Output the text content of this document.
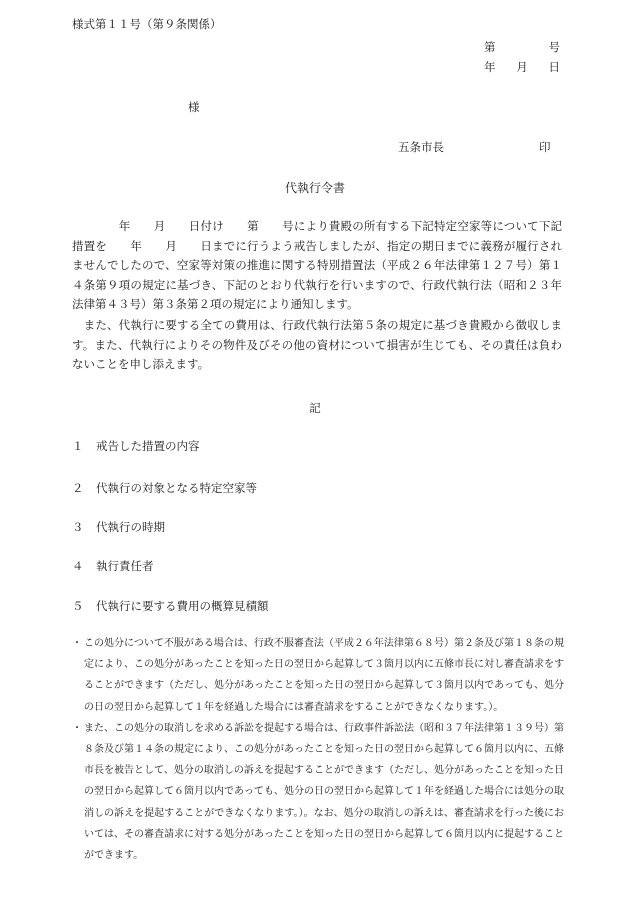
様式第１１号（第９条関係）
第	号
年 月 日
様
五条市長	印
代執行令書
　　　　年　　月　　日付け　　第　　号により貴殿の所有する下記特定空家等について下記措置を　　年　　月　　日までに行うよう戒告しましたが、指定の期日までに義務が履行されませんでしたので、空家等対策の推進に関する特別措置法（平成２６年法律第１２７号）第１４条第９項の規定に基づき、下記のとおり代執行を行いますので、行政代執行法（昭和２３年法律第４３号）第３条第２項の規定により通知します。
　また、代執行に要する全ての費用は、行政代執行法第５条の規定に基づき貴殿から徴収します。また、代執行によりその物件及びその他の資材について損害が生じても、その責任は負わないことを申し添えます。
記
１ 戒告した措置の内容
２ 代執行の対象となる特定空家等
３ 代執行の時期
４ 執行責任者
５ 代執行に要する費用の概算見積額
・ この処分について不服がある場合は、行政不服審査法（平成２６年法律第６８号）第２条及び第１８条の規定により、この処分があったことを知った日の翌日から起算して３箇月以内に五條市長に対し審査請求をすることができます（ただし、処分があったことを知った日の翌日から起算して３箇月以内であっても、処分の日の翌日から起算して１年を経過した場合には審査請求をすることができなくなります。）。
・ また、この処分の取消しを求める訴訟を提起する場合は、行政事件訴訟法（昭和３７年法律第１３９号）第８条及び第１４条の規定により、この処分があったことを知った日の翌日から起算して６箇月以内に、五條市長を被告として、処分の取消しの訴えを提起することができます（ただし、処分があったことを知った日の翌日から起算して６箇月以内であっても、処分の日の翌日から起算して１年を経過した場合には処分の取消しの訴えを提起することができなくなります。）。なお、処分の取消しの訴えは、審査請求を行った後においては、その審査請求に対する処分があったことを知った日の翌日から起算して６箇月以内に提起することができます。
